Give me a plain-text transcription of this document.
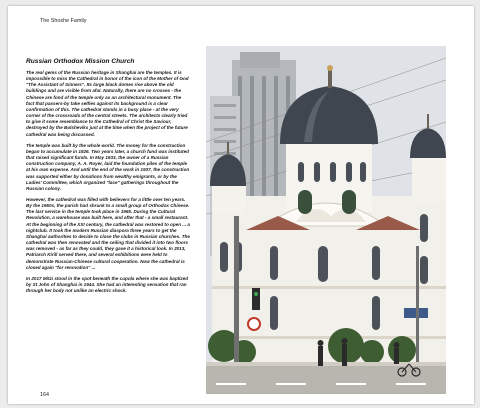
The Shoshe Family
Russian Orthodox Mission Church

The real gems of the Russian heritage in Shanghai are the temples. It is impossible to miss the Cathedral in honor of the icon of the Mother of God "The Assistant of Sinners". Its large black domes rise above the old buildings and are visible from afar. Naturally, there are no crosses - the Chinese are fond of the temple only as an architectural monument. The fact that passers-by take selfies against its background is a clear confirmation of this. The cathedral stands in a busy place - at the very corner of the crossroads of the central streets. The architects clearly tried to give it some resemblance to the Cathedral of Christ the Saviour, destroyed by the Bolsheviks just at the time when the project of the future cathedral was being discussed.

The temple was built by the whole world. The money for the construction began to accumulate in 1926. Two years later, a church fund was instituted that raised significant funds. In May 1933, the owner of a Russian construction company, A. A. Royer, laid the foundation piles of the temple at his own expense. And until the end of the work in 1937, the construction was supported either by donations from wealthy emigrants, or by the Ladies' Committee, which organized "lace" gatherings throughout the Russian colony.

However, the cathedral was filled with believers for a little over ten years. By the 1950s, the parish had shrunk to a small group of Orthodox Chinese. The last service in the temple took place in 1965. During the Cultural Revolution, a warehouse was built here, and after that - a small restaurant. At the beginning of the XXI century, the cathedral was restored to open ... a nightclub. It took the modern Russian diaspora three years to get the Shanghai authorities to decide to close the clubs in Russian churches. The cathedral was then renovated and the ceiling that divided it into two floors was removed - as far as they could, they gave it a historical look. In 2013, Patriarch Kirill served there, and several exhibitions were held to demonstrate Russian-Chinese cultural cooperation. Now the cathedral is closed again "for renovation" ...

In 2017 Mitzi stood in the spot beneath the cupola where she was baptized by St John of Shanghai in 1944. She had an interesting sensation that ran through her body not unlike an electric shock.

164
